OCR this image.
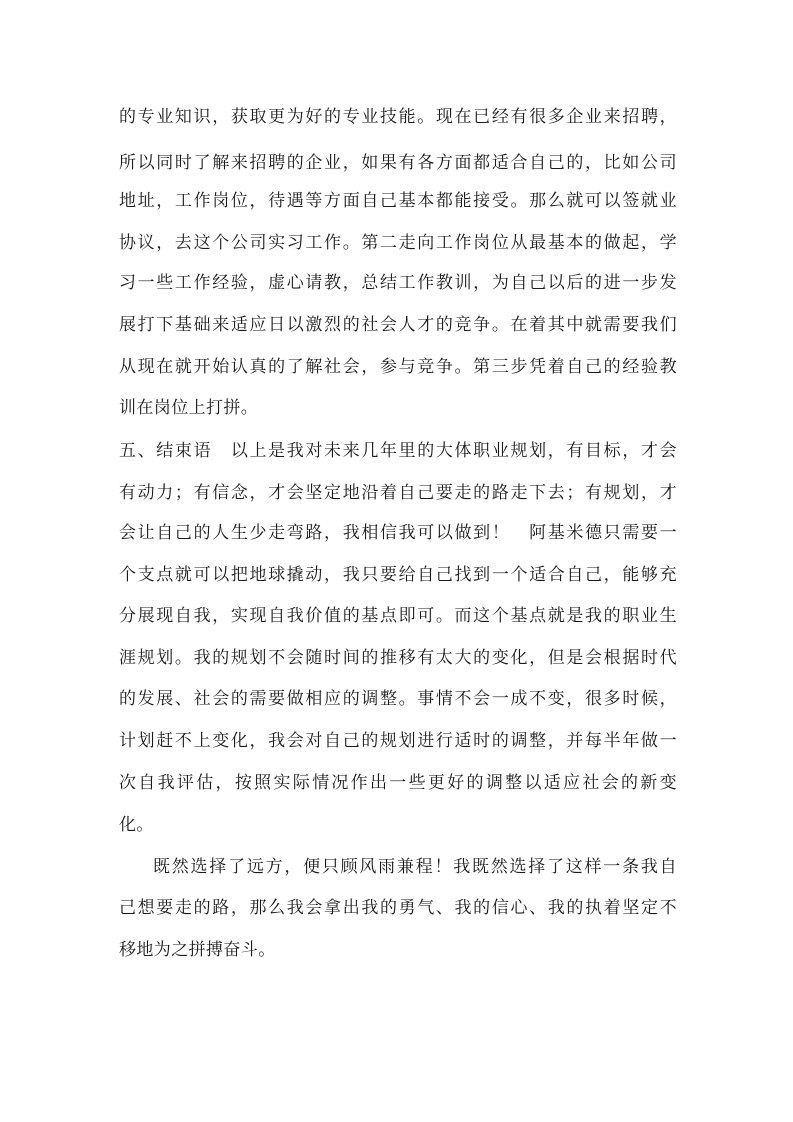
的专业知识，获取更为好的专业技能。现在已经有很多企业来招聘，
所以同时了解来招聘的企业，如果有各方面都适合自己的，比如公司
地址，工作岗位，待遇等方面自己基本都能接受。那么就可以签就业
协议，去这个公司实习工作。第二走向工作岗位从最基本的做起，学
习一些工作经验，虚心请教，总结工作教训，为自己以后的进一步发
展打下基础来适应日以激烈的社会人才的竞争。在着其中就需要我们
从现在就开始认真的了解社会，参与竞争。第三步凭着自己的经验教
训在岗位上打拼。
五、结束语　以上是我对未来几年里的大体职业规划，有目标，才会
有动力；有信念，才会坚定地沿着自己要走的路走下去；有规划，才
会让自己的人生少走弯路，我相信我可以做到！　阿基米德只需要一
个支点就可以把地球撬动，我只要给自己找到一个适合自己，能够充
分展现自我，实现自我价值的基点即可。而这个基点就是我的职业生
涯规划。我的规划不会随时间的推移有太大的变化，但是会根据时代
的发展、社会的需要做相应的调整。事情不会一成不变，很多时候，
计划赶不上变化，我会对自己的规划进行适时的调整，并每半年做一
次自我评估，按照实际情况作出一些更好的调整以适应社会的新变
化。
既然选择了远方，便只顾风雨兼程！我既然选择了这样一条我自
己想要走的路，那么我会拿出我的勇气、我的信心、我的执着坚定不
移地为之拼搏奋斗。
